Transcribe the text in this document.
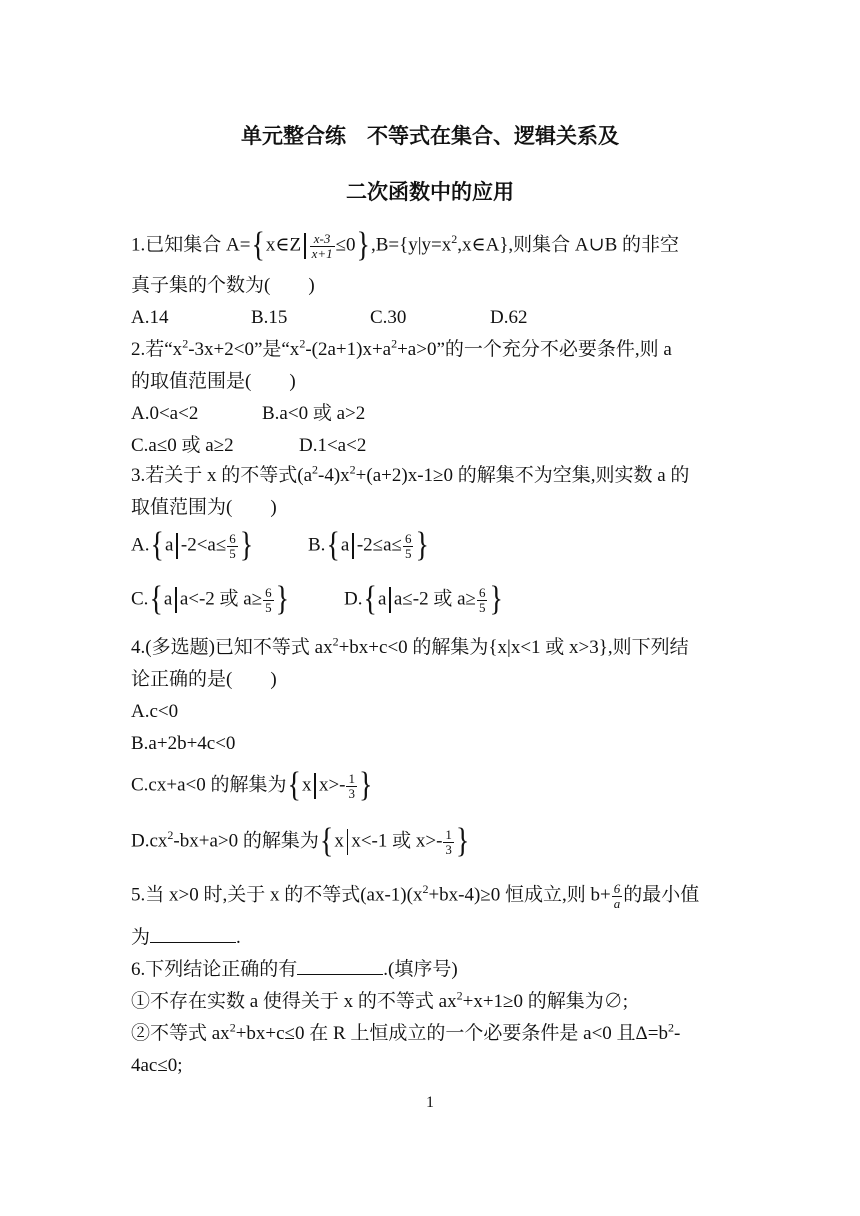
单元整合练　不等式在集合、逻辑关系及
二次函数中的应用
1.已知集合 A={x∈Z $\frac{x-3}{x+1}$ $\le 0\},B=\{y|y=x^2,x\in A\}$,则集合 A∪B 的非空
真子集的个数为(　　)
A.14	B.15	C.30	D.62
2.若“$x^2-3x+2<0$”是“$x^2-(2a+1)x+a^2+a>0$”的一个充分不必要条件,则 a
的取值范围是(　　)
A.0<a<2	B.a<0 或 a>2
C.a≤0 或 a≥2	D.1<a<2
3.若关于 x 的不等式$(a^2-4)x^2+(a+2)x-1\ge 0$ 的解集不为空集,则实数 a 的
取值范围为(　　)
A.{a $-2<a\le \frac{6}{5}$ }	B.{a $-2\le a\le \frac{6}{5}$ }
C.{a a<-2 或 $a\ge \frac{6}{5}$ }	D.{a a≤-2 或 $a\ge \frac{6}{5}$ }
4.(多选题)已知不等式 $ax^2+bx+c<0$ 的解集为{x|x<1 或 x>3},则下列结
论正确的是(　　)
A.c<0
B.a+2b+4c<0
C.cx+a<0 的解集为{x $x>- \frac{1}{3}$ }
$D.cx^2-bx+a>0$ 的解集为{x x<-1 或 $x>- \frac{1}{3}$ }
5.当 x>0 时,关于 x 的不等式$(ax-1)(x^2+bx-4)\ge 0$ 恒成立,则 $b+ \frac{6}{a}$ 的最小值
为	.
6.下列结论正确的有	.(填序号)
①不存在实数 a 使得关于 x 的不等式 $ax^2+x+1\ge 0$ 的解集为∅;
②不等式 $ax^2+bx+c\le 0$ 在 R 上恒成立的一个必要条件是 a<0 且$\Delta=b^2-$
4ac≤0;
1
